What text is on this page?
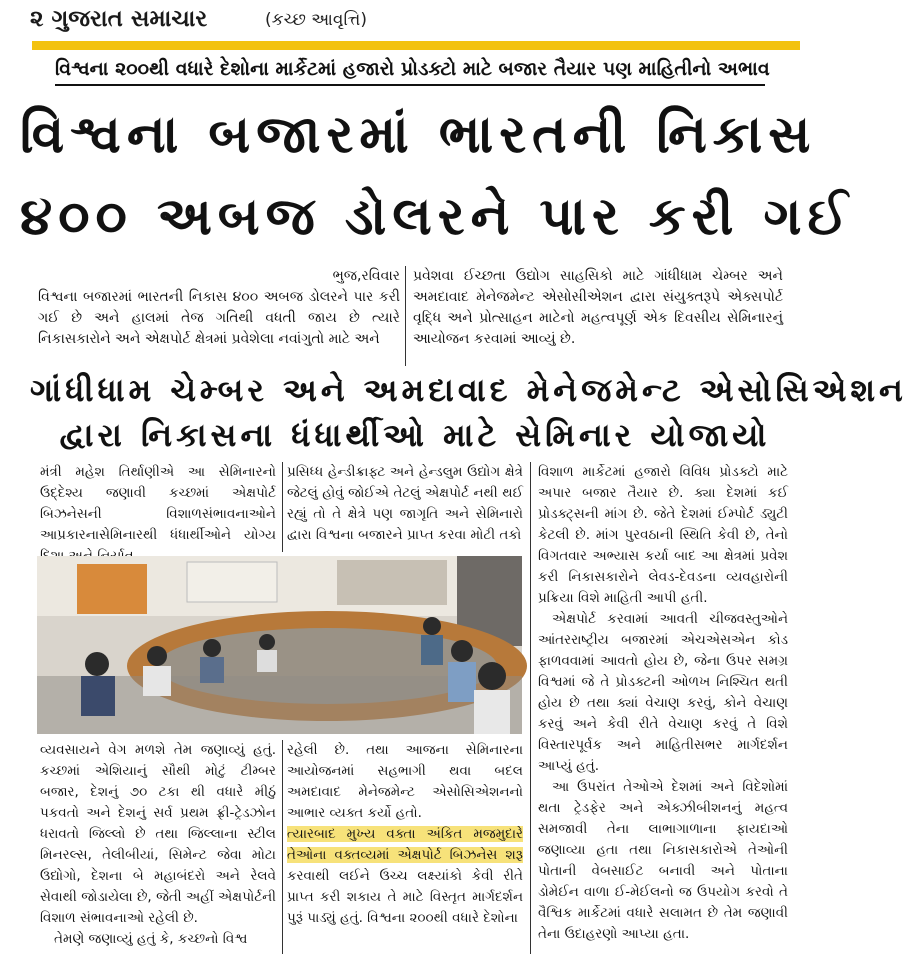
૨ ગુજરાત સમાચાર	(કચ્છ આવૃત્તિ)
વિશ્વના ૨૦૦થી વધારે દેશોના માર્કેટમાં હજારો પ્રોડક્ટો માટે બજાર તૈયાર પણ માહિતીનો અભાવ
વિશ્વના બજારમાં ભારતની નિકાસ
૪૦૦ અબજ ડોલરને પાર કરી ગઈ
ભુજ,રવિવાર
વિશ્વના બજારમાં ભારતની નિકાસ ૪૦૦ અબજ ડોલરને પાર કરી ગઈ છે અને હાલમાં તેજ ગતિથી વધતી જાય છે ત્યારે નિકાસકારોને અને એક્ષપોર્ટ ક્ષેત્રમાં પ્રવેશેલા નવાંગુતો માટે અને
પ્રવેશવા ઈચ્છતા ઉદ્યોગ સાહસિકો માટે ગાંધીધામ ચેમ્બર અને અમદાવાદ મેનેજમેન્ટ એસોસીએશન દ્વારા સંયુક્તરૂપે એક્સપોર્ટ વૃદ્ધિ અને પ્રોત્સાહન માટેનો મહત્વપૂર્ણ એક દિવસીય સેમિનારનું આયોજન કરવામાં આવ્યું છે.
ગાંધીધામ ચેમ્બર અને અમદાવાદ મેનેજમેન્ટ એસોસિએશન
દ્વારા નિકાસના ધંધાર્થીઓ માટે સેમિનાર યોજાયો
મંત્રી મહેશ તિર્થાણીએ આ સેમિનારનો ઉદ્દેશ્ય જણાવી કચ્છમાં એક્ષપોર્ટ બિઝનેસની વિશાળસંભાવનાઓને આપ્રકારનાસેમિનારથી ધંધાર્થીઓને યોગ્ય
પ્રસિધ્ધ હેન્ડીક્રાફ્ટ અને હેન્ડલુમ ઉદ્યોગ ક્ષેત્રે જેટલું હોવું જોઈએ તેટલું એક્ષપોર્ટ નથી થઈ રહ્યું તો તે ક્ષેત્રે પણ જાગૃતિ અને સેમિનારો દ્વારા વિશ્વના બજારને પ્રાપ્ત કરવા મોટી તકો
વિશાળ માર્કેટમાં હજારો વિવિધ પ્રોડક્ટો માટે અપાર બજાર તૈયાર છે. ક્યા દેશમાં કઈ પ્રોડક્ટ્સની માંગ છે. જેતે દેશમાં ઈમ્પોર્ટ ડ્યુટી કેટલી છે. માંગ પુરવઠાની સ્થિતિ કેવી છે, તેનો વિગતવાર અભ્યાસ કર્યા બાદ આ ક્ષેત્રમાં પ્રવેશ કરી નિકાસકારોને લેવડ-દેવડના વ્યવહારોની પ્રક્રિયા વિશે માહિતી આપી હતી.
એક્ષપોર્ટ કરવામાં આવતી ચીજવસ્તુઓને આંતરરાષ્ટ્રીય બજારમાં એચએસએન કોડ ફાળવવામાં આવતો હોય છે, જેના ઉપર સમગ્ર વિશ્વમાં જે તે પ્રોડક્ટની ઓળખ નિશ્ચિત થતી હોય છે તથા ક્યાં વેચાણ કરવું, કોને વેચાણ કરવું અને કેવી રીતે વેચાણ કરવું તે વિશે વિસ્તારપૂર્વક અને માહિતીસભર માર્ગદર્શન આપ્યું હતું.
આ ઉપરાંત તેઓએ દેશમાં અને વિદેશોમાં થતા ટ્રેડફેર અને એક્ઝીબીશનનું મહત્વ સમજાવી તેના લાભાગાળાના ફાયદાઓ જણાવ્યા હતા તથા નિકાસકારોએ તેઓની પોતાની વેબસાઈટ બનાવી અને પોતાના ડોમેઈન વાળા ઈ-મેઈલનો જ ઉપયોગ કરવો તે વૈશ્વિક માર્કેટમાં વધારે સલામત છે તેમ જણાવી તેના ઉદાહરણો આપ્યા હતા.
વ્યવસાયને વેગ મળશે તેમ જણાવ્યું હતું. કચ્છમાં એશિયાનું સૌથી મોટું ટીમ્બર બજાર, દેશનું ૭૦ ટકા થી વધારે મીઠું પકવતો અને દેશનું સર્વ પ્રથમ ફ્રી-ટ્રેડઝોન ધરાવતો જિલ્લો છે તથા જિલ્લાના સ્ટીલ મિનરલ્સ, તેલીબીયાં, સિમેન્ટ જેવા મોટા ઉદ્યોગો, દેશના બે મહાબંદરો અને રેલવે સેવાથી જોડાયેલા છે, જેતી અહીં એક્ષપોર્ટની વિશાળ સંભાવનાઓ રહેલી છે.
તેમણે જણાવ્યું હતું કે, કચ્છનો વિશ્વ
રહેલી છે. તથા આજના સેમિનારના આયોજનમાં સહભાગી થવા બદલ અમદાવાદ મેનેજમેન્ટ એસોસિએશનનો આભાર વ્યક્ત કર્યો હતો.
ત્યારબાદ મુખ્ય વક્તા અંકિત મજમુદારે તેઓના વક્તવ્યમાં એક્ષપોર્ટ બિઝનેસ શરૂ કરવાથી લઈને ઉચ્ચ લક્ષ્યાંકો કેવી રીતે પ્રાપ્ત કરી શકાય તે માટે વિસ્તૃત માર્ગદર્શન પુરૂં પાડ્યું હતું. વિશ્વના ૨૦૦થી વધારે દેશોના
